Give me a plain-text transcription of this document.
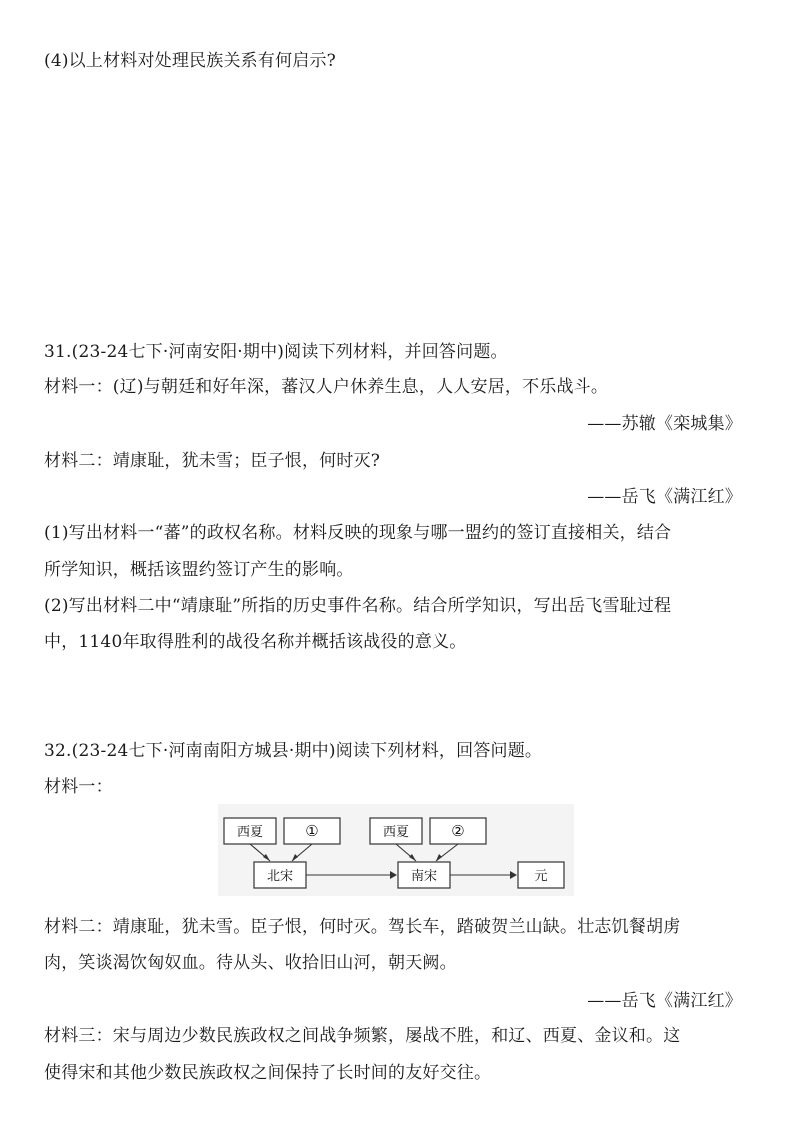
(4)以上材料对处理民族关系有何启示?
31.(23-24七下·河南安阳·期中)阅读下列材料，并回答问题。
材料一：(辽)与朝廷和好年深，蕃汉人户休养生息，人人安居，不乐战斗。
——苏辙《栾城集》
材料二：靖康耻，犹未雪；臣子恨，何时灭?
——岳飞《满江红》
(1)写出材料一“蕃”的政权名称。材料反映的现象与哪一盟约的签订直接相关，结合
所学知识，概括该盟约签订产生的影响。
(2)写出材料二中“靖康耻”所指的历史事件名称。结合所学知识，写出岳飞雪耻过程
中，1140年取得胜利的战役名称并概括该战役的意义。
32.(23-24七下·河南南阳方城县·期中)阅读下列材料，回答问题。
材料一：
西夏	①
北宋
西夏	②
南宋	元
材料二：靖康耻，犹未雪。臣子恨，何时灭。驾长车，踏破贺兰山缺。壮志饥餐胡虏
肉，笑谈渴饮匈奴血。待从头、收拾旧山河，朝天阙。
——岳飞《满江红》
材料三：宋与周边少数民族政权之间战争频繁，屡战不胜，和辽、西夏、金议和。这
使得宋和其他少数民族政权之间保持了长时间的友好交往。
